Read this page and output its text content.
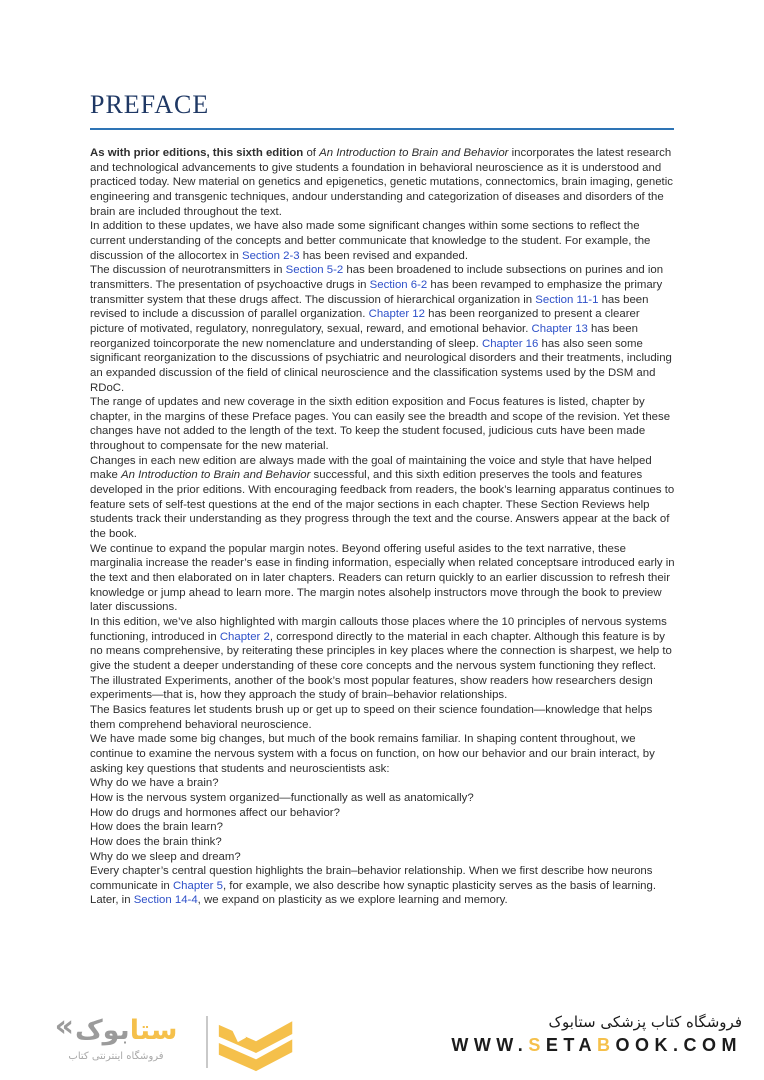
PREFACE

As with prior editions, this sixth edition of An Introduction to Brain and Behavior incorporates the latest research and technological advancements to give students a foundation in behavioral neuroscience as it is understood and practiced today. New material on genetics and epigenetics, genetic mutations, connectomics, brain imaging, genetic engineering and transgenic techniques, andour understanding and categorization of diseases and disorders of the brain are included throughout the text.

In addition to these updates, we have also made some significant changes within some sections to reflect the current understanding of the concepts and better communicate that knowledge to the student. For example, the discussion of the allocortex in Section 2-3 has been revised and expanded.

The discussion of neurotransmitters in Section 5-2 has been broadened to include subsections on purines and ion transmitters. The presentation of psychoactive drugs in Section 6-2 has been revamped to emphasize the primary transmitter system that these drugs affect. The discussion of hierarchical organization in Section 11-1 has been revised to include a discussion of parallel organization. Chapter 12 has been reorganized to present a clearer picture of motivated, regulatory, nonregulatory, sexual, reward, and emotional behavior. Chapter 13 has been reorganized toincorporate the new nomenclature and understanding of sleep. Chapter 16 has also seen some significant reorganization to the discussions of psychiatric and neurological disorders and their treatments, including an expanded discussion of the field of clinical neuroscience and the classification systems used by the DSM and RDoC.

The range of updates and new coverage in the sixth edition exposition and Focus features is listed, chapter by chapter, in the margins of these Preface pages. You can easily see the breadth and scope of the revision. Yet these changes have not added to the length of the text. To keep the student focused, judicious cuts have been made throughout to compensate for the new material.

Changes in each new edition are always made with the goal of maintaining the voice and style that have helped make An Introduction to Brain and Behavior successful, and this sixth edition preserves the tools and features developed in the prior editions. With encouraging feedback from readers, the book’s learning apparatus continues to feature sets of self-test questions at the end of the major sections in each chapter. These Section Reviews help students track their understanding as they progress through the text and the course. Answers appear at the back of the book.

We continue to expand the popular margin notes. Beyond offering useful asides to the text narrative, these marginalia increase the reader’s ease in finding information, especially when related conceptsare introduced early in the text and then elaborated on in later chapters. Readers can return quickly to an earlier discussion to refresh their knowledge or jump ahead to learn more. The margin notes alsohelp instructors move through the book to preview later discussions.

In this edition, we’ve also highlighted with margin callouts those places where the 10 principles of nervous systems functioning, introduced in Chapter 2, correspond directly to the material in each chapter. Although this feature is by no means comprehensive, by reiterating these principles in key places where the connection is sharpest, we help to give the student a deeper understanding of these core concepts and the nervous system functioning they reflect.

The illustrated Experiments, another of the book’s most popular features, show readers how researchers design experiments—that is, how they approach the study of brain–behavior relationships.

The Basics features let students brush up or get up to speed on their science foundation—knowledge that helps them comprehend behavioral neuroscience.

We have made some big changes, but much of the book remains familiar. In shaping content throughout, we continue to examine the nervous system with a focus on function, on how our behavior and our brain interact, by asking key questions that students and neuroscientists ask:

Why do we have a brain?

How is the nervous system organized—functionally as well as anatomically?

How do drugs and hormones affect our behavior?

How does the brain learn?

How does the brain think?

Why do we sleep and dream?

Every chapter’s central question highlights the brain–behavior relationship. When we first describe how neurons communicate in Chapter 5, for example, we also describe how synaptic plasticity serves as the basis of learning. Later, in Section 14-4, we expand on plasticity as we explore learning and memory.

«	ستابوک
فروشگاه اینترنتی کتاب
فروشگاه کتاب پزشکی ستابوک
WWW.SETABOOK.COM
